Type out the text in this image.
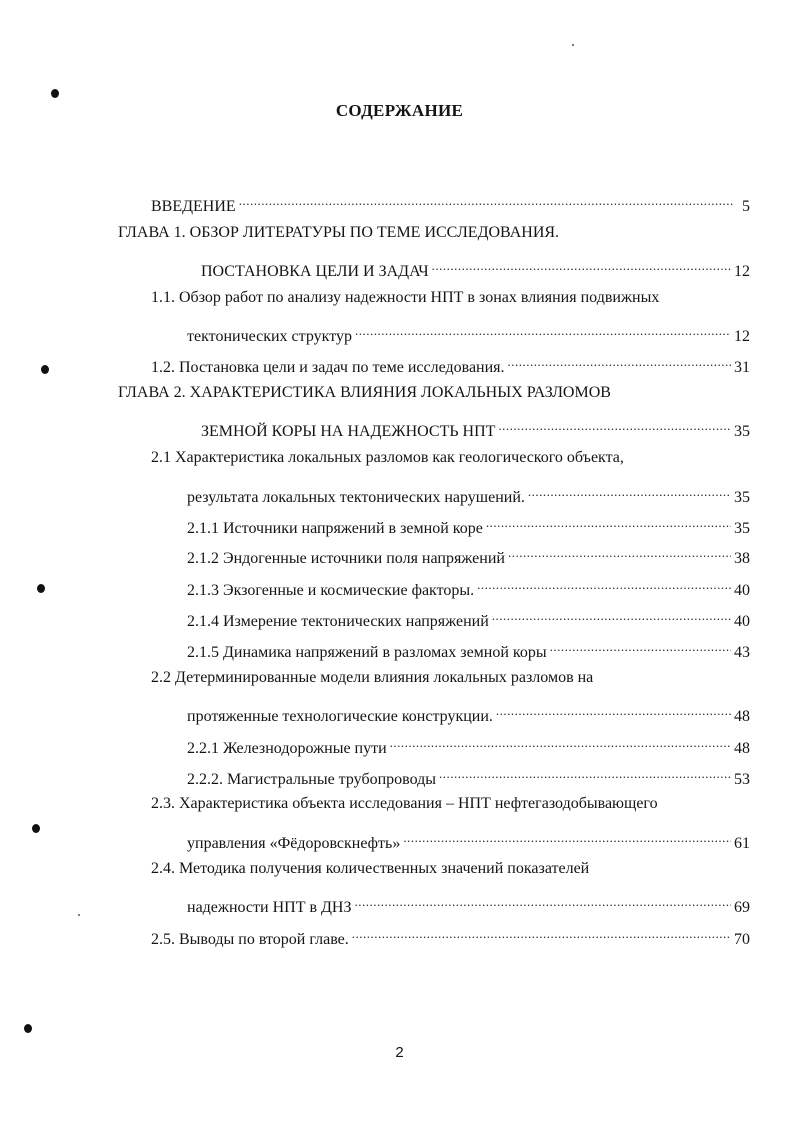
СОДЕРЖАНИЕ
ВВЕДЕНИЕ .....	5
ГЛАВА 1. ОБЗОР ЛИТЕРАТУРЫ ПО ТЕМЕ ИССЛЕДОВАНИЯ.
ПОСТАНОВКА ЦЕЛИ И ЗАДАЧ .....	12
1.1. Обзор работ по анализу надежности НПТ в зонах влияния подвижных
тектонических структур .....	12
1.2. Постановка цели и задач по теме исследования. .....	31
ГЛАВА 2. ХАРАКТЕРИСТИКА ВЛИЯНИЯ ЛОКАЛЬНЫХ РАЗЛОМОВ
ЗЕМНОЙ КОРЫ НА НАДЕЖНОСТЬ НПТ .....	35
2.1 Характеристика локальных разломов как геологического объекта,
результата локальных тектонических нарушений. .....	35
2.1.1 Источники напряжений в земной коре .....	35
2.1.2 Эндогенные источники поля напряжений .....	38
2.1.3 Экзогенные и космические факторы. .....	40
2.1.4 Измерение тектонических напряжений .....	40
2.1.5 Динамика напряжений в разломах земной коры .....	43
2.2 Детерминированные модели влияния локальных разломов на
протяженные технологические конструкции. .....	48
2.2.1 Железнодорожные пути .....	48
2.2.2. Магистральные трубопроводы .....	53
2.3. Характеристика объекта исследования – НПТ нефтегазодобывающего
управления «Фёдоровскнефть» .....	61
2.4. Методика получения количественных значений показателей
надежности НПТ в ДНЗ .....	69
2.5. Выводы по второй главе. .....	70
2
